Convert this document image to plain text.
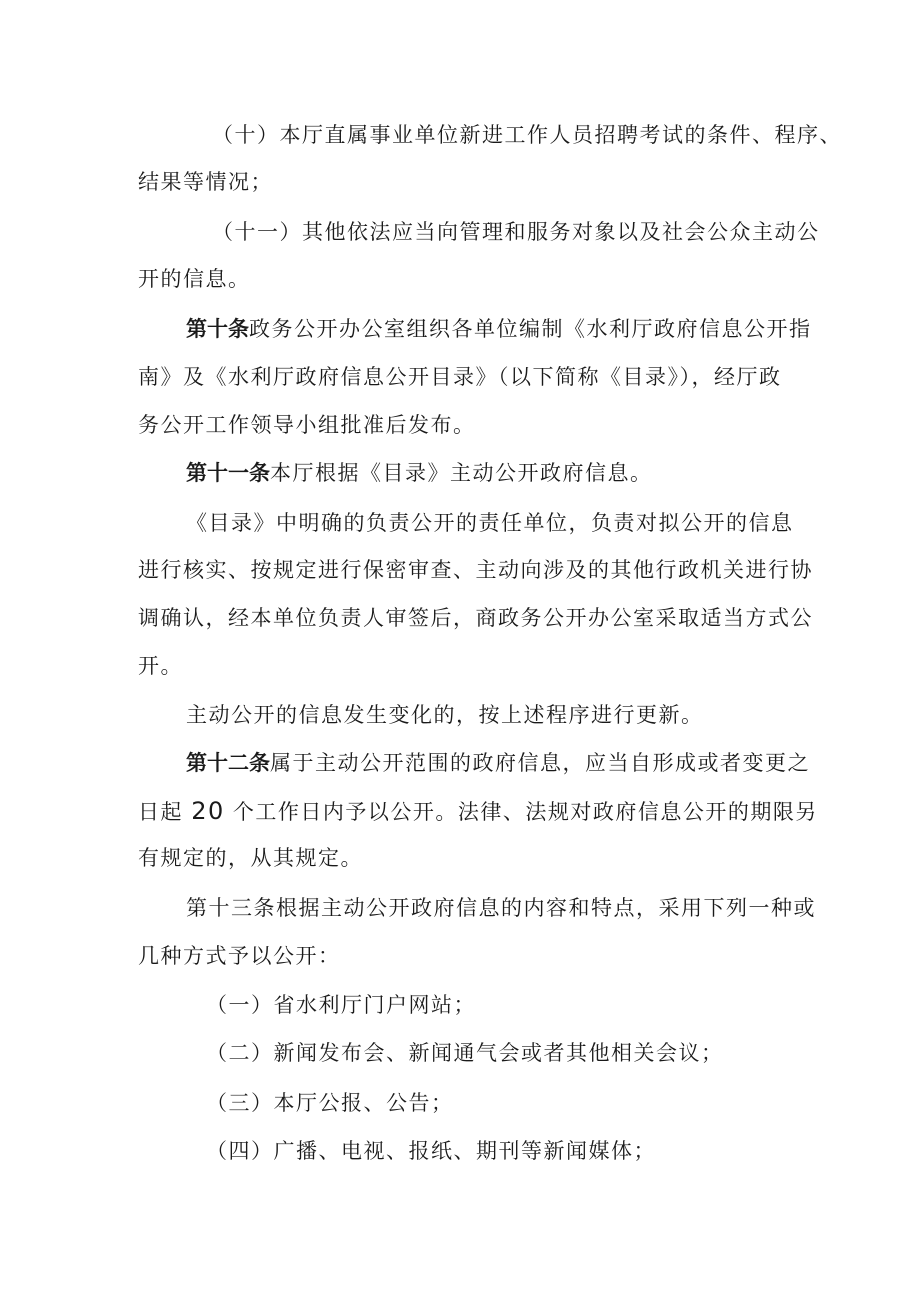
（十）本厅直属事业单位新进工作人员招聘考试的条件、程序、

结果等情况；

（十一）其他依法应当向管理和服务对象以及社会公众主动公

开的信息。

第十条政务公开办公室组织各单位编制《水利厅政府信息公开指

南》及《水利厅政府信息公开目录》（以下简称《目录》），经厅政

务公开工作领导小组批准后发布。

第十一条本厅根据《目录》主动公开政府信息。

《目录》中明确的负责公开的责任单位，负责对拟公开的信息

进行核实、按规定进行保密审查、主动向涉及的其他行政机关进行协

调确认，经本单位负责人审签后，商政务公开办公室采取适当方式公

开。

主动公开的信息发生变化的，按上述程序进行更新。

第十二条属于主动公开范围的政府信息，应当自形成或者变更之

日起 20 个工作日内予以公开。法律、法规对政府信息公开的期限另

有规定的，从其规定。

第十三条根据主动公开政府信息的内容和特点，采用下列一种或

几种方式予以公开：

（一）省水利厅门户网站；

（二）新闻发布会、新闻通气会或者其他相关会议；

（三）本厅公报、公告；

（四）广播、电视、报纸、期刊等新闻媒体；
